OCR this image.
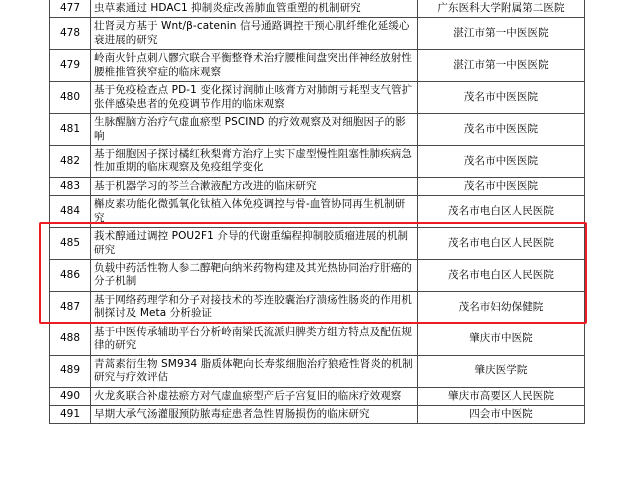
477	虫草素通过 HDAC1 抑制炎症改善肺血管重塑的机制研究	广东医科大学附属第二医院
478	壮肾灵方基于 Wnt/β-catenin 信号通路调控干预心肌纤维化延缓心衰进展的研究	湛江市第一中医医院
479	岭南火针点刺八髎穴联合平衡整脊术治疗腰椎间盘突出伴神经放射性腰椎推管狭窄症的临床观察	湛江市第一中医医院
480	基于免疫检查点 PD-1 变化探讨润肺止咳膏方对肺朗亏耗型支气管扩张伴感染患者的免疫调节作用的临床观察	茂名市中医医院
481	生脉醒脑方治疗气虚血瘀型 PSCIND 的疗效观察及对细胞因子的影响	茂名市中医医院
482	基于细胞因子探讨橘红秋梨膏方治疗上实下虚型慢性阻塞性肺疾病急性加重期的临床观察及免疫组学变化	茂名市中医医院
483	基于机器学习的芩兰合漱液配方改进的临床研究	茂名市中医医院
484	槲皮素功能化微弧氧化钛植入体免疫调控与骨-血管协同再生机制研究	茂名市电白区人民医院
485	莪术醇通过调控 POU2F1 介导的代谢重编程抑制胶质瘤进展的机制研究	茂名市电白区人民医院
486	负载中药活性物人参二醇靶向纳米药物构建及其光热协同治疗肝癌的分子机制	茂名市电白区人民医院
487	基于网络药理学和分子对接技术的芩连胶囊治疗溃疡性肠炎的作用机制探讨及 Meta 分析验证	茂名市妇幼保健院
488	基于中医传承辅助平台分析岭南梁氏流派归脾类方组方特点及配伍规律的研究	肇庆市中医院
489	青蒿素衍生物 SM934 脂质体靶向长寿浆细胞治疗狼疮性肾炎的机制研究与疗效评估	肇庆医学院
490	火龙炙联合补虚祛瘀方对气虚血瘀型产后子宫复旧的临床疗效观察	肇庆市高要区人民医院
491	早期大承气汤灌服预防脓毒症患者急性胃肠损伤的临床研究	四会市中医院
